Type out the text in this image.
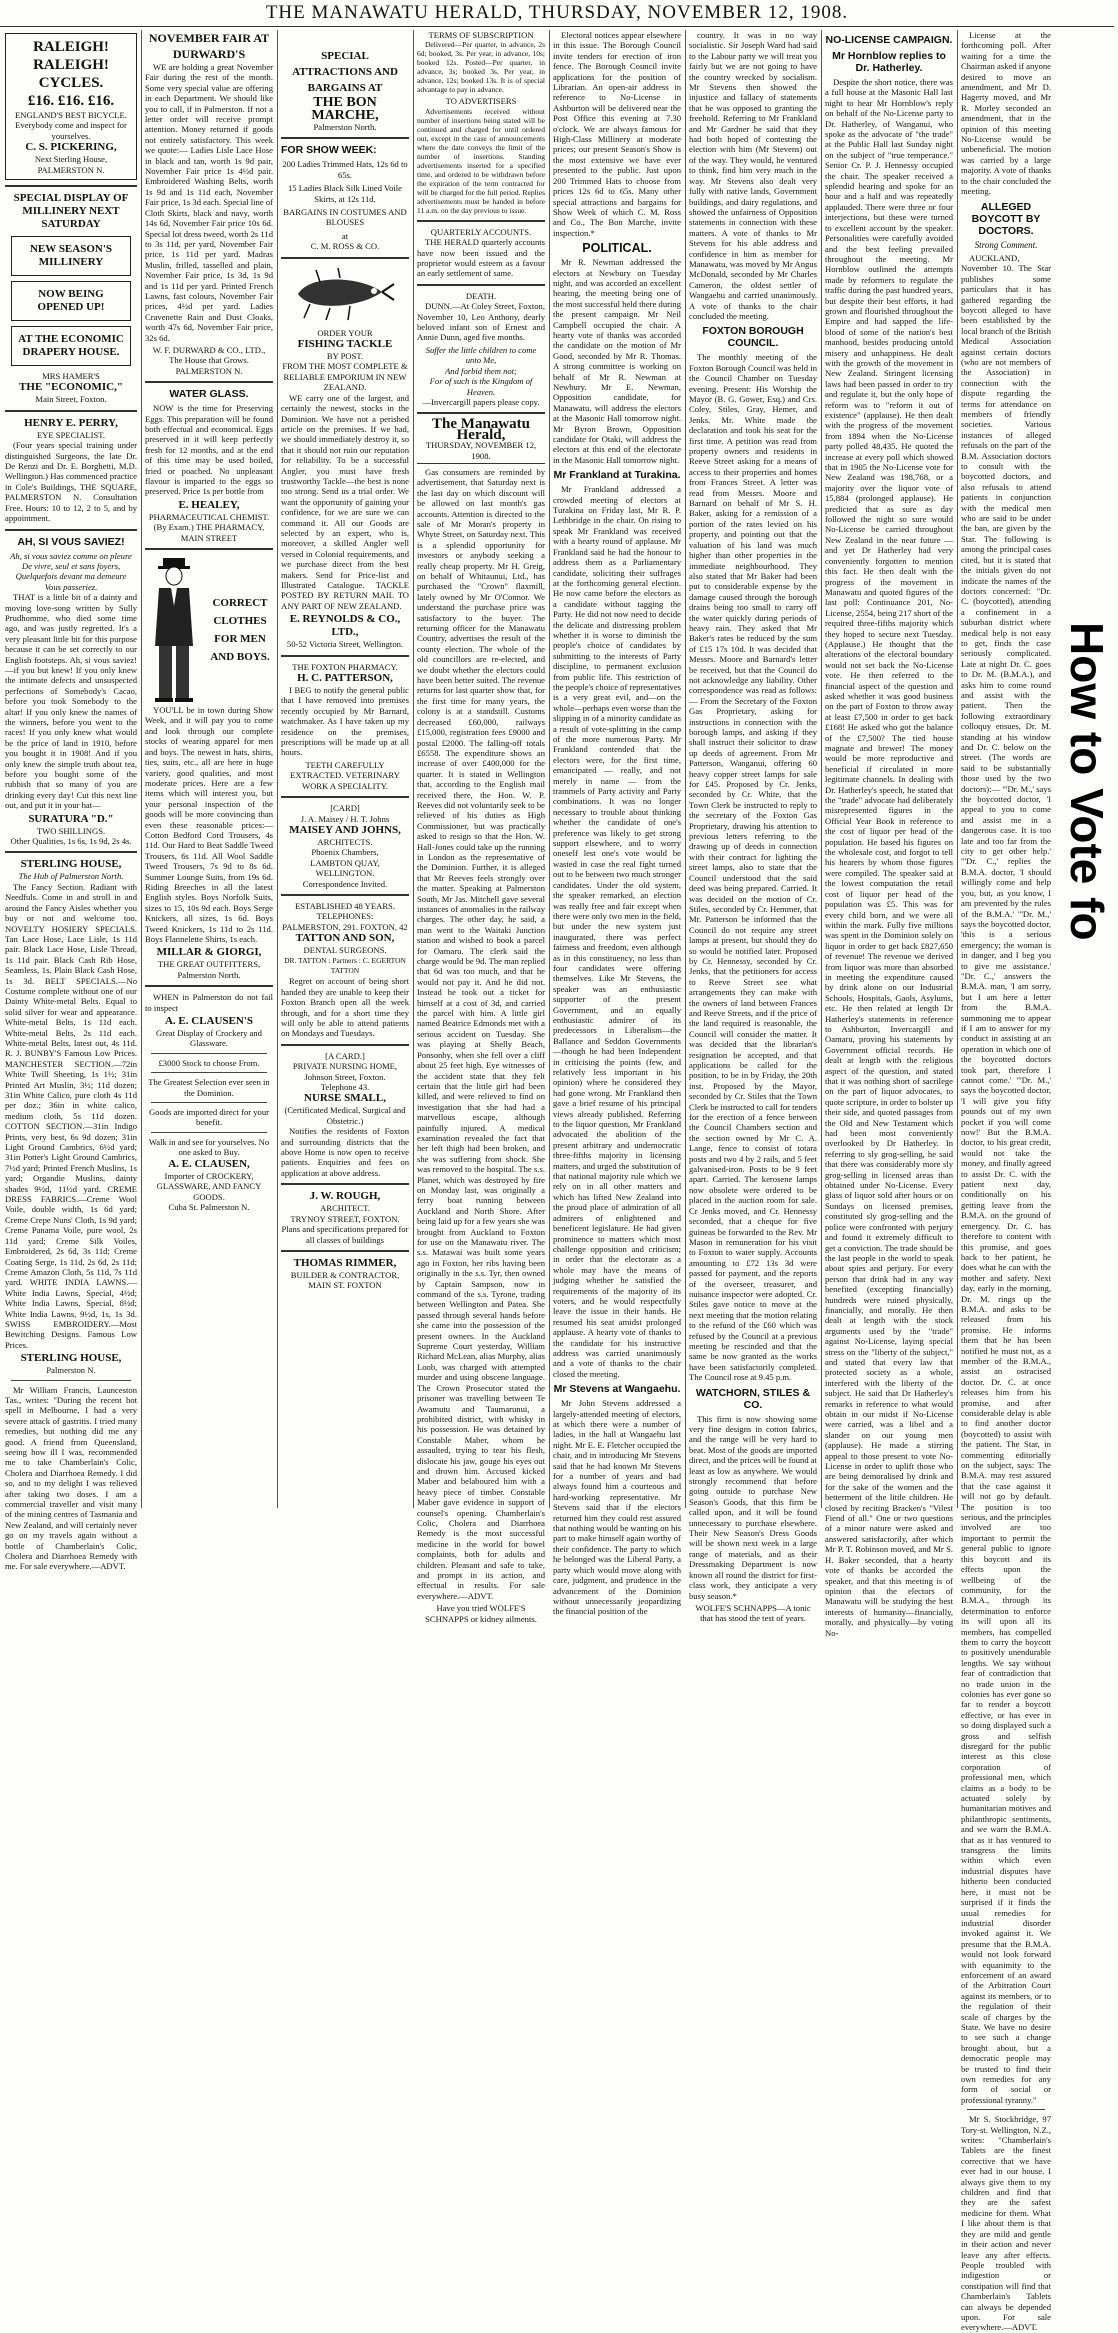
THE MANAWATU HERALD, THURSDAY, NOVEMBER 12, 1908.
RALEIGH! RALEIGH! CYCLES.
£16. £16. £16.
ENGLAND'S BEST BICYCLE.
Everybody come and inspect for yourselves.
C. S. PICKERING,
Next Sterling House, PALMERSTON N.
SPECIAL DISPLAY OF MILLINERY NEXT SATURDAY
NEW SEASON'S MILLINERY
NOW BEING OPENED UP!
AT THE ECONOMIC DRAPERY HOUSE.
MRS HAMER'S
THE "ECONOMIC,"
Main Street, Foxton.
HENRY E. PERRY,
EYE SPECIALIST.

(Four years special training under distinguished Surgeons, the late Dr. De Renzi and Dr. E. Borghetti, M.D. Wellington.) Has commenced practice in Cole's Buildings, THE SQUARE, PALMERSTON N. Consultation Free. Hours: 10 to 12, 2 to 5, and by appointment.

AH, SI VOUS SAVIEZ!
Ah, si vous saviez comme on pleure
De vivre, seul et sans foyers,
Quelquefois devant ma demeure
Vous passeriez.

THAT is a little bit of a dainty and moving love-song written by Sully Prudhomme, who died some time ago, and was justly regretted. It's a very pleasant little bit for this purpose because it can be set correctly to our English footsteps. Ah, si vous saviez!—if you but knew! If you only knew the intimate defects and unsuspected perfections of Somebody's Cacao, before you took Somebody to the altar! If you only knew the names of the winners, before you went to the races! If you only knew what would be the price of land in 1910, before you bought it in 1908! And if you only knew the simple truth about tea, before you bought some of the rubbish that so many of you are drinking every day! Cut this next line out, and put it in your hat—

SURATURA "D."
TWO SHILLINGS.
Other Qualities, 1s 6s, 1s 9d, 2s 4s.
STERLING HOUSE,
The Hub of Palmerston North.

The Fancy Section. Radiant with Needfuls. Come in and stroll in and around the Fancy Aisles whether you buy or not and welcome too. NOVELTY HOSIERY SPECIALS. Tan Lace Hose, Lace Lisle, 1s 11d pair. Black Lace Hose, Lisle Thread, 1s 11d pair. Black Cash Rib Hose, Seamless, 1s. Plain Black Cash Hose, 1s 3d. BELT SPECIALS.—No Costume complete without one of our Dainty White-metal Belts. Equal to solid silver for wear and appearance. White-metal Belts, 1s 11d each. White-metal Belts, 2s 11d each. White-metal Belts, latest out, 4s 11d. R. J. BUNBY'S Famous Low Prices. MANCHESTER SECTION.—72in White Twill Sheeting, 1s 1½; 31in Printed Art Muslin, 3½; 11d dozen; 31in White Calico, pure cloth 4s 11d per doz.; 36in in white calico, medium cloth, 5s 11d dozen. COTTON SECTION.—31in Indigo Prints, very best, 6s 9d dozen; 31in Light Ground Cambrics, 6½d yard; 31in Potter's Light Ground Cambrics, 7½d yard; Printed French Muslins, 1s yard; Organdie Muslins, dainty shades 9½d, 11½d yard. CREME DRESS FABRICS.—Creme Wool Voile, double width, 1s 6d yard; Creme Crepe Nuns' Cloth, 1s 9d yard; Creme Panama Voile, pure wool, 2s 11d yard; Creme Silk Voiles, Embroidered, 2s 6d, 3s 11d; Creme Coating Serge, 1s 11d, 2s 6d, 2s 11d; Creme Amazon Cloth, 5s 11d, 7s 11d yard. WHITE INDIA LAWNS.—White India Lawns, Special, 4½d; White India Lawns, Special, 8½d; White India Lawns, 9½d, 1s, 1s 3d. SWISS EMBROIDERY.—Most Bewitching Designs. Famous Low Prices.

STERLING HOUSE,
Palmerston N.

Mr William Francis, Launceston Tas., writes: "During the recent hot spell in Melbourne, I had a very severe attack of gastritis. I tried many remedies, but nothing did me any good. A friend from Queensland, seeing how ill I was, recommended me to take Chamberlain's Colic, Cholera and Diarrhoea Remedy. I did so, and to my delight I was relieved after taking two doses. I am a commercial traveller and visit many of the mining centres of Tasmania and New Zealand, and will certainly never go on my travels again without a bottle of Chamberlain's Colic, Cholera and Diarrhoea Remedy with me. For sale everywhere.—ADVT.

NOVEMBER FAIR AT DURWARD'S

WE are holding a great November Fair during the rest of the month. Some very special value are offering in each Department. We should like you to call, if in Palmerston. If not a letter order will receive prompt attention. Money returned if goods not entirely satisfactory. This week we quote:— Ladies Lisle Lace Hose in black and tan, worth 1s 9d pair, November Fair price 1s 4½d pair. Embroidered Washing Belts, worth 1s 9d and 1s 11d each, November Fair price, 1s 3d each. Special line of Cloth Skirts, black and navy, worth 14s 6d, November Fair price 10s 6d. Special lot dress tweed, worth 2s 11d to 3s 11d, per yard, November Fair price, 1s 11d per yard. Madras Muslin, frilled, tasselled and plain, November Fair price, 1s 3d, 1s 9d and 1s 11d per yard. Printed French Lawns, fast colours, November Fair prices, 4½d per yard. Ladies Cravenette Rain and Dust Cloaks, worth 47s 6d, November Fair price, 32s 6d.

W. F. DURWARD & CO., LTD.,
The House that Grows. PALMERSTON N.
WATER GLASS.

NOW is the time for Preserving Eggs. This preparation will be found both effectual and economical. Eggs preserved in it will keep perfectly fresh for 12 months, and at the end of this time may be used boiled, fried or poached. No unpleasant flavour is imparted to the eggs so preserved. Price 1s per bottle from

E. HEALEY,
PHARMACEUTICAL CHEMIST. (By Exam.) THE PHARMACY, MAIN STREET
CORRECT CLOTHES FOR MEN AND BOYS.

YOU'LL be in town during Show Week, and it will pay you to come and look through our complete stocks of wearing apparel for men and boys. The newest in hats, shirts, ties, suits, etc., all are here in huge variety, good qualities, and most moderate prices. Here are a few items which will interest you, but your personal inspection of the goods will be more convincing than even these reasonable prices:— Cotton Bedford Cord Trousers, 4s 11d. Our Hard to Beat Saddle Tweed Trousers, 6s 11d. All Wool Saddle Tweed Trousers, 7s 9d to 8s 6d. Summer Lounge Suits, from 19s 6d. Riding Breeches in all the latest English styles. Boys Norfolk Suits, sizes to 15, 10s 9d each. Boys Serge Knickers, all sizes, 1s 6d. Boys Tweed Knickers, 1s 11d to 2s 11d. Boys Flannelette Shirts, 1s each.

MILLAR & GIORGI,
THE GREAT OUTFITTERS, Palmerston North.

WHEN in Palmerston do not fail to inspect

A. E. CLAUSEN'S
Great Display of Crockery and Glassware.
£3000 Stock to choose From.
The Greatest Selection ever seen in the Dominion.
Goods are imported direct for your benefit.
Walk in and see for yourselves. No one asked to Buy.
A. E. CLAUSEN,
Importer of CROCKERY, GLASSWARE, AND FANCY GOODS.
Cuba St. Palmerston N.
SPECIAL ATTRACTIONS AND BARGAINS AT
THE BON MARCHE,
Palmerston North.
FOR SHOW WEEK:
200 Ladies Trimmed Hats, 12s 6d to 65s.
15 Ladies Black Silk Lined Voile Skirts, at 12s 11d.
BARGAINS IN COSTUMES AND BLOUSES
at
C. M. ROSS & CO.
ORDER YOUR
FISHING TACKLE
BY POST.
FROM THE MOST COMPLETE & RELIABLE EMPORIUM IN NEW ZEALAND.

WE carry one of the largest, and certainly the newest, stocks in the Dominion. We have not a perished article on the premises. If we had, we should immediately destroy it, so that it should not ruin our reputation for reliability. To be a successful Angler, you must have fresh trustworthy Tackle—the best is none too strong. Send us a trial order. We want the opportunity of gaining your confidence, for we are sure we can command it. All our Goods are selected by an expert, who is, moreover, a skilled Angler well versed in Colonial requirements, and we purchase direct from the best makers. Send for Price-list and Illustrated Catalogue. TACKLE POSTED BY RETURN MAIL TO ANY PART OF NEW ZEALAND.

E. REYNOLDS & CO., LTD.,
50-52 Victoria Street, Wellington.
THE FOXTON PHARMACY.
H. C. PATTERSON,

I BEG to notify the general public that I have removed into premises recently occupied by Mr Barnard, watchmaker. As I have taken up my residence on the premises, prescriptions will be made up at all hours.

TEETH CAREFULLY EXTRACTED. VETERINARY WORK A SPECIALITY.
[CARD]
J. A. Maisey / H. T. Johns
MAISEY AND JOHNS,
ARCHITECTS.
Phoenix Chambers,
LAMBTON QUAY, WELLINGTON.
Correspondence Invited.
ESTABLISHED 48 YEARS.
TELEPHONES:
PALMERSTON, 291. FOXTON, 42
TATTON AND SON,
DENTAL SURGEONS.
DR. TATTON : Partners : C. EGERTON TATTON

Regret on account of being short handed they are unable to keep their Foxton Branch open all the week through, and for a short time they will only be able to attend patients on Mondays and Tuesdays.

[A CARD.]
PRIVATE NURSING HOME,
Johnson Street, Foxton.
Telephone 43.
NURSE SMALL,
(Certificated Medical, Surgical and Obstetric.)

Notifies the residents of Foxton and surrounding districts that the above Home is now open to receive patients. Enquiries and fees on application at above address.

J. W. ROUGH,
ARCHITECT.
TRYNOY STREET, FOXTON.
Plans and specifications prepared for all classes of buildings
THOMAS RIMMER,
BUILDER & CONTRACTOR,
MAIN ST. FOXTON
TERMS OF SUBSCRIPTION

Delivered—Per quarter, in advance, 2s 6d; booked, 3s. Per year, in advance, 10s; booked 12s. Posted—Per quarter, in advance, 3s; booked 3s. Per year, in advance, 12s; booked 13s. It is of special advantage to pay in advance.

TO ADVERTISERS

Advertisements received without number of insertions being stated will be continued and charged for until ordered out, except in the case of announcements where the date conveys the limit of the number of insertions. Standing advertisements inserted for a specified time, and ordered to be withdrawn before the expiration of the term contracted for will be charged for the full period. Replies advertisements must be handed in before 11 a.m. on the day previous to issue.

QUARTERLY ACCOUNTS.

THE HERALD quarterly accounts have now been issued and the proprietor would esteem as a favour an early settlement of same.

DEATH.

DUNN.—At Coley Street, Foxton, November 10, Leo Anthony, dearly beloved infant son of Ernest and Annie Dunn, aged five months.

Suffer the little children to come unto Me,
And forbid them not;
For of such is the Kingdom of Heaven.
—Invercargill papers please copy.
The Manawatu Herald,
THURSDAY, NOVEMBER 12, 1908.

Gas consumers are reminded by advertisement, that Saturday next is the last day on which discount will be allowed on last month's gas accounts. Attention is directed to the sale of Mr Moran's property in Whyte Street, on Saturday next. This is a splendid opportunity for investors or anybody seeking a really cheap property. Mr H. Greig, on behalf of Whitaunui, Ltd., has purchased the "Crown" flaxmill, lately owned by Mr O'Connor. We understand the purchase price was satisfactory to the buyer. The returning officer for the Manawatu Country, advertises the result of the county election. The whole of the old councillors are re-elected, and we doubt whether the electors could have been better suited. The revenue returns for last quarter show that, for the first time for many years, the colony is at a standstill. Customs decreased £60,000, railways £15,000, registration fees £9000 and postal £2000. The falling-off totals £6558. The expenditure shows an increase of over £400,000 for the quarter. It is stated in Wellington that, according to the English mail received there, the Hon. W. P. Reeves did not voluntarily seek to be relieved of his duties as High Commissioner, but was practically asked to resign so that the Hon. W. Hall-Jones could take up the running in London as the representative of the Dominion. Further, it is alleged that Mr Reeves feels strongly over the matter. Speaking at Palmerston South, Mr Jas. Mitchell gave several instances of anomalies in the railway charges. The other day, he said, a man went to the Waitaki Junction station and wished to book a parcel for Oamaru. The clerk said the charge would be 9d. The man replied that 6d was too much, and that he would not pay it. And he did not. Instead he took out a ticket for himself at a cost of 3d, and carried the parcel with him. A little girl named Beatrice Edmonds met with a serious accident on Tuesday. She was playing at Shelly Beach, Ponsonby, when she fell over a cliff about 25 feet high. Eye witnesses of the accident state that they felt certain that the little girl had been killed, and were relieved to find on investigation that she had had a marvellous escape, although painfully injured. A medical examination revealed the fact that her left thigh had been broken, and she was suffering from shock. She was removed to the hospital. The s.s. Planet, which was destroyed by fire on Monday last, was originally a ferry boat running between Auckland and North Shore. After being laid up for a few years she was brought from Auckland to Foxton for use on the Manawatu river. The s.s. Matawai was built some years ago in Foxton, her ribs having been originally in the s.s. Tyr, then owned by Captain Sampson, now in command of the s.s. Tyrone, trading between Wellington and Patea. She passed through several hands before she came into the possession of the present owners. In the Auckland Supreme Court yesterday, William Richard McLean, alias Murphy, alias Loob, was charged with attempted murder and using obscene language. The Crown Prosecutor stated the prisoner was travelling between Te Awamutu and Taumarunui, a prohibited district, with whisky in his possession. He was detained by Constable Maber, whom he assaulted, trying to tear his flesh, dislocate his jaw, gouge his eyes out and drown him. Accused kicked Maber and belaboured him with a heavy piece of timber. Constable Maber gave evidence in support of counsel's opening. Chamberlain's Colic, Cholera and Diarrhoea Remedy is the most successful medicine in the world for bowel complaints, both for adults and children. Pleasant and safe to take, and prompt in its action, and effectual in results. For sale everywhere.—ADVT.

Have you tried WOLFE'S SCHNAPPS or kidney ailments.

Electoral notices appear elsewhere in this issue. The Borough Council invite tenders for erection of iron fence. The Borough Council invite applications for the position of Librarian. An open-air address in reference to No-License in Ashburton will be delivered near the Post Office this evening at 7.30 o'clock. We are always famous for High-Class Millinery at moderate prices; our present Season's Show is the most extensive we have ever presented to the public. Just upon 200 Trimmed Hats to choose from prices 12s 6d to 65s. Many other special attractions and bargains for Show Week of which C. M. Ross and Co., The Bon Marche, invite inspection.*

POLITICAL.

Mr R. Newman addressed the electors at Newbury on Tuesday night, and was accorded an excellent hearing, the meeting being one of the most successful held there during the present campaign. Mr Neil Campbell occupied the chair. A hearty vote of thanks was accorded the candidate on the motion of Mr Good, seconded by Mr R. Thomas. A strong committee is working on behalf of Mr R. Newman at Newbury. Mr E. Newman, Opposition candidate, for Manawatu, will address the electors at the Masonic Hall tomorrow night. Mr Byron Brown, Opposition candidate for Otaki, will address the electors at this end of the electorate in the Masonic Hall tomorrow night.

Mr Frankland at Turakina.

Mr Frankland addressed a crowded meeting of electors at Turakina on Friday last, Mr R. P. Lethbridge in the chair. On rising to speak Mr Frankland was received with a hearty round of applause. Mr Frankland said he had the honour to address them as a Parliamentary candidate, soliciting their suffrages at the forthcoming general election. He now came before the electors as a candidate without tagging the Party. He did not now need to decide the delicate and distressing problem whether it is worse to diminish the people's choice of candidates by submitting to the interests of Party discipline, to permanent exclusion from public life. This restriction of the people's choice of representatives is a very great evil, and—on the whole—perhaps even worse than the slipping in of a minority candidate as a result of vote-splitting in the camp of the more numerous Party. Mr Frankland contended that the electors were, for the first time, emancipated — really, and not merely in name — from the trammels of Party activity and Party combinations. It was no longer necessary to trouble about thinking whether the candidate of one's preference was likely to get strong support elsewhere, and to worry oneself lest one's vote would be wasted in case the real fight turned out to be between two much stronger candidates. Under the old system, the speaker remarked, an election was really free and fair except when there were only two men in the field, but under the new system just inaugurated, there was perfect fairness and freedom, even although as in this constituency, no less than four candidates were offering themselves. Like Mr Stevens, the speaker was an enthusiastic supporter of the present Government, and an equally enthusiastic admirer of its predecessors in Liberalism—the Ballance and Seddon Governments—though he had been Independent in criticising the points (few, and relatively less important in his opinion) where he considered they had gone wrong. Mr Frankland then gave a brief resume of his principal views already published. Referring to the liquor question, Mr Frankland advocated the abolition of the present arbitrary and undemocratic three-fifths majority in licensing matters, and urged the substitution of that national majority rule which we rely on in all other matters and which has lifted New Zealand into the proud place of admiration of all admirers of enlightened and beneficent legislature. He had given prominence to matters which most challenge opposition and criticism; in order that the electorate as a whole may have the means of judging whether he satisfied the requirements of the majority of its voters, and he would respectfully leave the issue in their hands. He resumed his seat amidst prolonged applause. A hearty vote of thanks to the candidate for his instructive address was carried unanimously and a vote of thanks to the chair closed the meeting.

Mr Stevens at Wangaehu.

Mr John Stevens addressed a largely-attended meeting of electors, at which there were a number of ladies, in the hall at Wangaehu last night. Mr E. E. Fletcher occupied the chair, and in introducing Mr Stevens said that he had known Mr Stevens for a number of years and had always found him a courteous and hard-working representative. Mr Stevens said that if the electors returned him they could rest assured that nothing would be wanting on his part to make himself again worthy of their confidence. The party to which he belonged was the Liberal Party, a party which would move along with care, judgment, and prudence in the advancement of the Dominion without unnecessarily jeopardizing the financial position of the

country. It was in no way socialistic. Sir Joseph Ward had said to the Labour party we will treat you fairly but we are not going to have the country wrecked by socialism. Mr Stevens then showed the injustice and fallacy of statements that he was opposed to granting the freehold. Referring to Mr Frankland and Mr Gardner he said that they had both hoped of contesting the election with him (Mr Stevens) out of the way. They would, he ventured to think, find him very much in the way. Mr Stevens also dealt very fully with native lands, Government buildings, and dairy regulations, and showed the unfairness of Opposition statements in connection with these matters. A vote of thanks to Mr Stevens for his able address and confidence in him as member for Manawatu, was moved by Mr Angus McDonald, seconded by Mr Charles Cameron, the oldest settler of Wangaehu and carried unanimously. A vote of thanks to the chair concluded the meeting.

FOXTON BOROUGH COUNCIL.

The monthly meeting of the Foxton Borough Council was held in the Council Chamber on Tuesday evening. Present: His Worship the Mayor (B. G. Gower, Esq.) and Crs. Coley, Stiles, Gray, Hemer, and Jenks. Mr. White made the declaration and took his seat for the first time. A petition was read from property owners and residents in Reeve Street asking for a means of access to their properties and homes from Frances Street. A letter was read from Messrs. Moore and Barnard on behalf of Mr S. H. Baker, asking for a remission of a portion of the rates levied on his property, and pointing out that the valuation of his land was much higher than other properties in the immediate neighbourhood. They also stated that Mr Baker had been put to considerable expense by the damage caused through the borough drains being too small to carry off the water quickly during periods of heavy rain. They asked that Mr Baker's rates be reduced by the sum of £15 17s 10d. It was decided that Messrs. Moore and Barnard's letter be received, but that the Council do not acknowledge any liability. Other correspondence was read as follows:— From the Secretary of the Foxton Gas Proprietary, asking for instructions in connection with the borough lamps, and asking if they shall instruct their solicitor to draw up deeds of agreement. From Mr Patterson, Wanganui, offering 60 heavy copper street lamps for sale for £45. Proposed by Cr. Jenks, seconded by Cr. White, that the Town Clerk be instructed to reply to the secretary of the Foxton Gas Proprietary, drawing his attention to previous letters referring to the drawing up of deeds in connection with their contract for lighting the street lamps, also to state that the Council understood that the said deed was being prepared. Carried. It was decided on the motion of Cr. Stiles, seconded by Cr. Hemmer, that Mr. Patterson be informed that the Council do not require any street lamps at present, but should they do so would be notified later. Proposed by Cr. Hennessy, seconded by Cr. Jenks, that the petitioners for access to Reeve Street see what arrangements they can make with the owners of land between Frances and Reeve Streets, and if the price of the land required is reasonable, the Council will consider the matter. It was decided that the librarian's resignation be accepted, and that applications be called for the position, to be in by Friday, the 20th inst. Proposed by the Mayor, seconded by Cr. Stiles that the Town Clerk be instructed to call for tenders for the erection of a fence between the Council Chambers section and the section owned by Mr C. A. Lange, fence to consist of totara posts and two 4 by 2 rails, and 5 feet galvanised-iron. Posts to be 9 feet apart. Carried. The kerosene lamps now obsolete were ordered to be placed in the auction room for sale. Cr Jenks moved, and Cr. Hennessy seconded, that a cheque for five guineas be forwarded to the Rev. Mr Mason in remuneration for his visit to Foxton to water supply. Accounts amounting to £72 13s 3d were passed for payment, and the reports of the overseer, treasurer, and nuisance inspector were adopted. Cr. Stiles gave notice to move at the next meeting that the motion relating to the refund of the £60 which was refused by the Council at a previous meeting be rescinded and that the same be now granted as the works have been satisfactorily completed. The Council rose at 9.45 p.m.

WATCHORN, STILES & CO.

This firm is now showing some very fine designs in cotton fabrics, and the range will be very hard to beat. Most of the goods are imported direct, and the prices will be found at least as low as anywhere. We would strongly recommend that before going outside to purchase New Season's Goods, that this firm be called upon, and it will be found unnecessary to purchase elsewhere. Their New Season's Dress Goods will be shown next week in a large range of materials, and as their Dressmaking Department is now known all round the district for first-class work, they anticipate a very busy season.*

WOLFE'S SCHNAPPS—A tonic that has stood the test of years.
NO-LICENSE CAMPAIGN.
Mr Hornblow replies to Dr. Hatherley.

Despite the short notice, there was a full house at the Masonic Hall last night to hear Mr Hornblow's reply on behalf of the No-License party to Dr. Hatherley, of Wanganui, who spoke as the advocate of "the trade" at the Public Hall last Sunday night on the subject of "true temperance." Senior Cr. P. J. Hennessy occupied the chair. The speaker received a splendid hearing and spoke for an hour and a half and was repeatedly applauded. There were three or four interjections, but these were turned to excellent account by the speaker. Personalities were carefully avoided and the best feeling prevailed throughout the meeting. Mr Hornblow outlined the attempts made by reformers to regulate the traffic during the past hundred years, but despite their best efforts, it had grown and flourished throughout the Empire and had sapped the life-blood of some of the nation's best manhood, besides producing untold misery and unhappiness. He dealt with the growth of the movement in New Zealand. Stringent licensing laws had been passed in order to try and regulate it, but the only hope of reform was to "reform it out of existence" (applause). He then dealt with the progress of the movement from 1894 when the No-License party polled 48,435. He quoted the increase at every poll which showed that in 1905 the No-License vote for New Zealand was 198,768, or a majority over the liquor vote of 15,884 (prolonged applause). He predicted that as sure as day followed the night so sure would No-License be carried throughout New Zealand in the near future — and yet Dr Hatherley had very conveniently forgotten to mention this fact. He then dealt with the progress of the movement in Manawatu and quoted figures of the last poll: Continuance 201, No-License, 2554, being 217 short of the required three-fifths majority which they hoped to secure next Tuesday. (Applause.) He thought that the alterations of the electoral boundary would not set back the No-License vote. He then referred to the financial aspect of the question and asked whether it was good business on the part of Foxton to throw away at least £7,500 in order to get back £168! He asked who got the balance of the £7,500? The tied house magnate and brewer! The money would be more reproductive and beneficial if circulated in more legitimate channels. In dealing with Dr. Hatherley's speech, he stated that the "trade" advocate had deliberately misrepresented figures in the Official Year Book in reference to the cost of liquor per head of the population. He based his figures on the wholesale cost, and forgot to tell his hearers by whom those figures were compiled. The speaker said at the lowest computation the retail cost of liquor per head of the population was £5. This was for every child born, and we were all within the mark. Fully five millions was spent in the Dominion solely on liquor in order to get back £827,650 of revenue! The revenue we derived from liquor was more than absorbed in meeting the expenditure caused by drink alone on our Industrial Schools, Hospitals, Gaols, Asylums, etc. He then related at length Dr Hatherley's statements in reference to Ashburton, Invercargill and Oamaru, proving his statements by Government official records. He dealt at length with the religious aspect of the question, and stated that it was nothing short of sacrilege on the part of liquor advocates, to quote scripture, in order to bolster up their side, and quoted passages from the Old and New Testament which had been most conveniently overlooked by Dr Hatherley. In referring to sly grog-selling, he said that there was considerably more sly grog-selling in licensed areas than obtained under No-License. Every glass of liquor sold after hours or on Sundays on licensed premises, constituted sly grog-selling and the police were confronted with perjury and found it extremely difficult to get a conviction. The trade should be the last people in the world to speak about spies and perjury. For every person that drink had in any way benefited (excepting financially) hundreds were ruined physically, financially, and morally. He then dealt at length with the stock arguments used by the "trade" against No-License, laying special stress on the "liberty of the subject," and stated that every law that protected society as a whole, interfered with the liberty of the subject. He said that Dr Hatherley's remarks in reference to what would obtain in our midst if No-License were carried, was a libel and a slander on our young men (applause). He made a stirring appeal to those present to vote No-License in order to uplift those who are being demoralised by drink and for the sake of the women and the betterment of the little children. He closed by reciting Bracken's "Vilest Fiend of all." One or two questions of a minor nature were asked and answered satisfactorily, after which Mr P. T. Robinson moved, and Mr S. H. Baker seconded, that a hearty vote of thanks be accorded the speaker, and that this meeting is of opinion that the electors of Manawatu will be studying the best interests of humanity—financially, morally, and physically—by voting No-

License at the forthcoming poll. After waiting for a time the Chairman asked if anyone desired to move an amendment, and Mr D. Hagerty moved, and Mr R. Morley seconded an amendment, that in the opinion of this meeting No-License would be unbeneficial. The motion was carried by a large majority. A vote of thanks to the chair concluded the meeting.

ALLEGED BOYCOTT BY DOCTORS.
Strong Comment.

AUCKLAND, November 10. The Star publishes some particulars that it has gathered regarding the boycott alleged to have been established by the local branch of the British Medical Association against certain doctors (who are not members of the Association) in connection with the dispute regarding the terms for attendance on members of friendly societies. Various instances of alleged refusals on the part of the B.M. Association doctors to consult with the boycotted doctors, and also refusals to attend patients in conjunction with the medical men who are said to be under the ban, are given by the Star. The following is among the principal cases cited, but it is stated that the initials given do not indicate the names of the doctors concerned: "Dr. C. (boycotted), attending a confinement in a suburban district where medical help is not easy to get, finds the case seriously complicated. Late at night Dr. C. goes to Dr. M. (B.M.A.), and asks him to come round and assist with the patient. Then the following extraordinary colloquy ensues, Dr. M. standing at his window and Dr. C. below on the street. (The words are said to be substantially those used by the two doctors):— "'Dr. M.,' says the boycotted doctor, 'I appeal to you to come and assist me in a dangerous case. It is too late and too far from the city to get other help.' "'Dr. C.,' replies the B.M.A. doctor, 'I should willingly come and help you, but, as you know, I am prevented by the rules of the B.M.A.' "'Dr. M.,' says the boycotted doctor, 'this is a serious emergency; the woman is in danger, and I beg you to give me assistance.' "Dr. C.,' answers the B.M.A. man, 'I am sorry, but I am here a letter from the B.M.A. summoning me to appear if I am to answer for my conduct in assisting at an operation in which one of the boycotted doctors took part, therefore I cannot come.' "'Dr. M.,' says the boycotted doctor, 'I will give you fifty pounds out of my own pocket if you will come now!' But the B.M.A. doctor, to his great credit, would not take the money, and finally agreed to assist Dr. C. with the patient next day, conditionally on his getting leave from the B.M.A. on the ground of emergency. Dr. C. has therefore to content with this promise, and goes back to her patient, he does what he can with the mother and safety. Next day, early in the morning, Dr. M. rings up the B.M.A. and asks to be released from his promise. He informs them that he has been notified he must not, as a member of the B.M.A., assist an ostracised doctor. Dr. C. at once releases him from his promise, and after considerable delay is able to find another doctor (boycotted) to assist with the patient. The Star, in commenting editorially on the subject, says: The B.M.A. may rest assured that the case against it will not go by default. The position is too serious, and the principles involved are too important to permit the general public to ignore this boycott and its effects upon the wellbeing of the community, for the B.M.A., through its determination to enforce its will upon all its members, has compelled them to carry the boycott to positively unendurable lengths. We say without fear of contradiction that no trade union in the colonies has ever gone so far to render a boycott effective, or has ever in so doing displayed such a gross and selfish disregard for the public interest as this close corporation of professional men, which claims as a body to be actuated solely by humanitarian motives and philanthropic sentiments, and we warn the B.M.A. that as it has ventured to transgress the limits within which even industrial disputes have hitherto been conducted here, it must not be surprised if it finds the usual remedies for industrial disorder invoked against it. We presume that the B.M.A. would not look forward with equanimity to the enforcement of an award of the Arbitration Court against its members, or to the regulation of their scale of charges by the State. We have no desire to see such a change brought about, but a democratic people may be trusted to find their own remedies for any form of social or professional tyranny."

Mr S. Stockbridge, 97 Tory-st. Wellington, N.Z., writes: "Chamberlain's Tablets are the finest corrective that we have ever had in our house. I always give them to my children and find that they are the safest medicine for them. What I like about them is that they are mild and gentle in their action and never leave any after effects. People troubled with indigestion or constipation will find that Chamberlain's Tablets can always be depended upon. For sale everywhere.—ADVT.

How to Vote fo
